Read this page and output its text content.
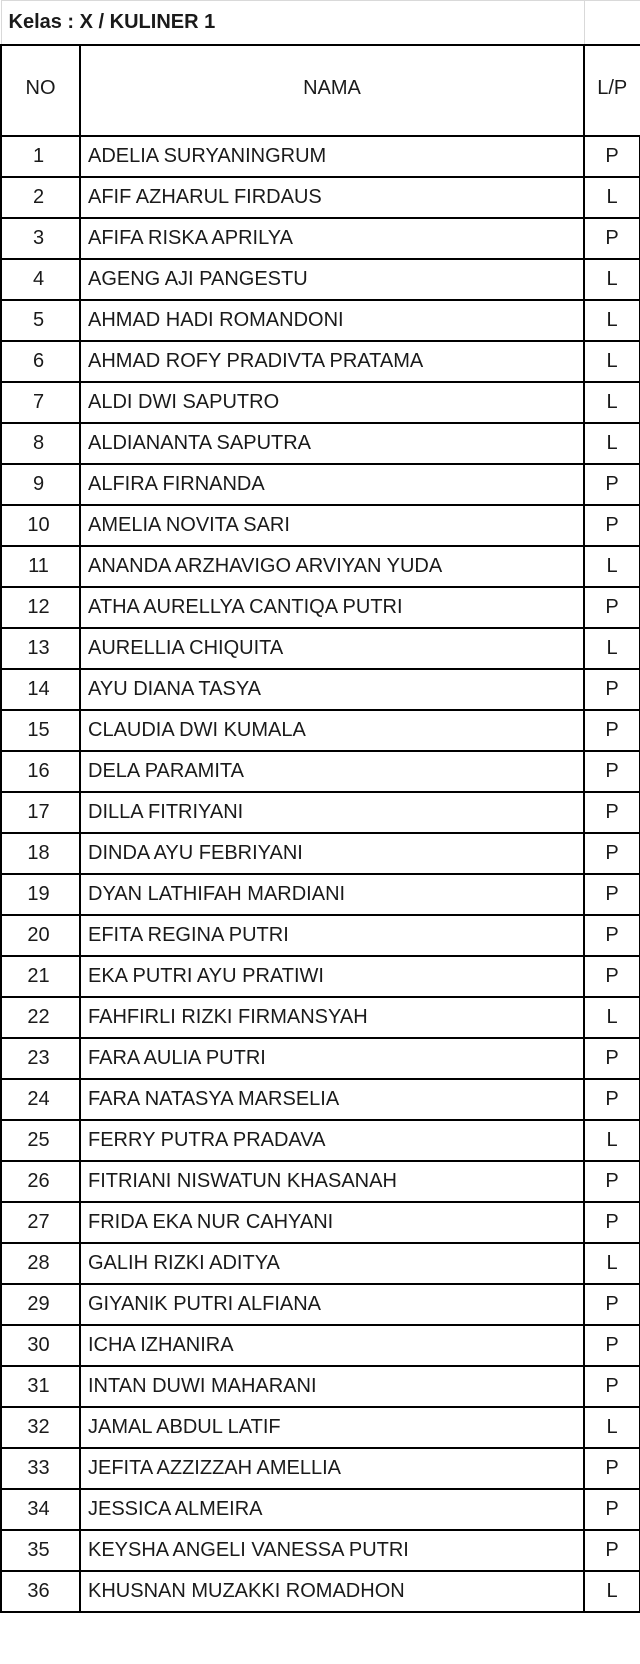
Kelas : X / KULINER 1		
NO	NAMA	L/P
1	ADELIA SURYANINGRUM	P
2	AFIF AZHARUL FIRDAUS	L
3	AFIFA RISKA APRILYA	P
4	AGENG AJI PANGESTU	L
5	AHMAD HADI ROMANDONI	L
6	AHMAD ROFY PRADIVTA PRATAMA	L
7	ALDI DWI SAPUTRO	L
8	ALDIANANTA SAPUTRA	L
9	ALFIRA FIRNANDA	P
10	AMELIA NOVITA SARI	P
11	ANANDA ARZHAVIGO ARVIYAN YUDA	L
12	ATHA AURELLYA CANTIQA PUTRI	P
13	AURELLIA CHIQUITA	L
14	AYU DIANA TASYA	P
15	CLAUDIA DWI KUMALA	P
16	DELA PARAMITA	P
17	DILLA FITRIYANI	P
18	DINDA AYU FEBRIYANI	P
19	DYAN LATHIFAH MARDIANI	P
20	EFITA REGINA PUTRI	P
21	EKA PUTRI AYU PRATIWI	P
22	FAHFIRLI RIZKI FIRMANSYAH	L
23	FARA AULIA PUTRI	P
24	FARA NATASYA MARSELIA	P
25	FERRY PUTRA PRADAVA	L
26	FITRIANI NISWATUN KHASANAH	P
27	FRIDA EKA NUR CAHYANI	P
28	GALIH RIZKI ADITYA	L
29	GIYANIK PUTRI ALFIANA	P
30	ICHA IZHANIRA	P
31	INTAN DUWI MAHARANI	P
32	JAMAL ABDUL LATIF	L
33	JEFITA AZZIZZAH AMELLIA	P
34	JESSICA ALMEIRA	P
35	KEYSHA ANGELI VANESSA PUTRI	P
36	KHUSNAN MUZAKKI ROMADHON	L
